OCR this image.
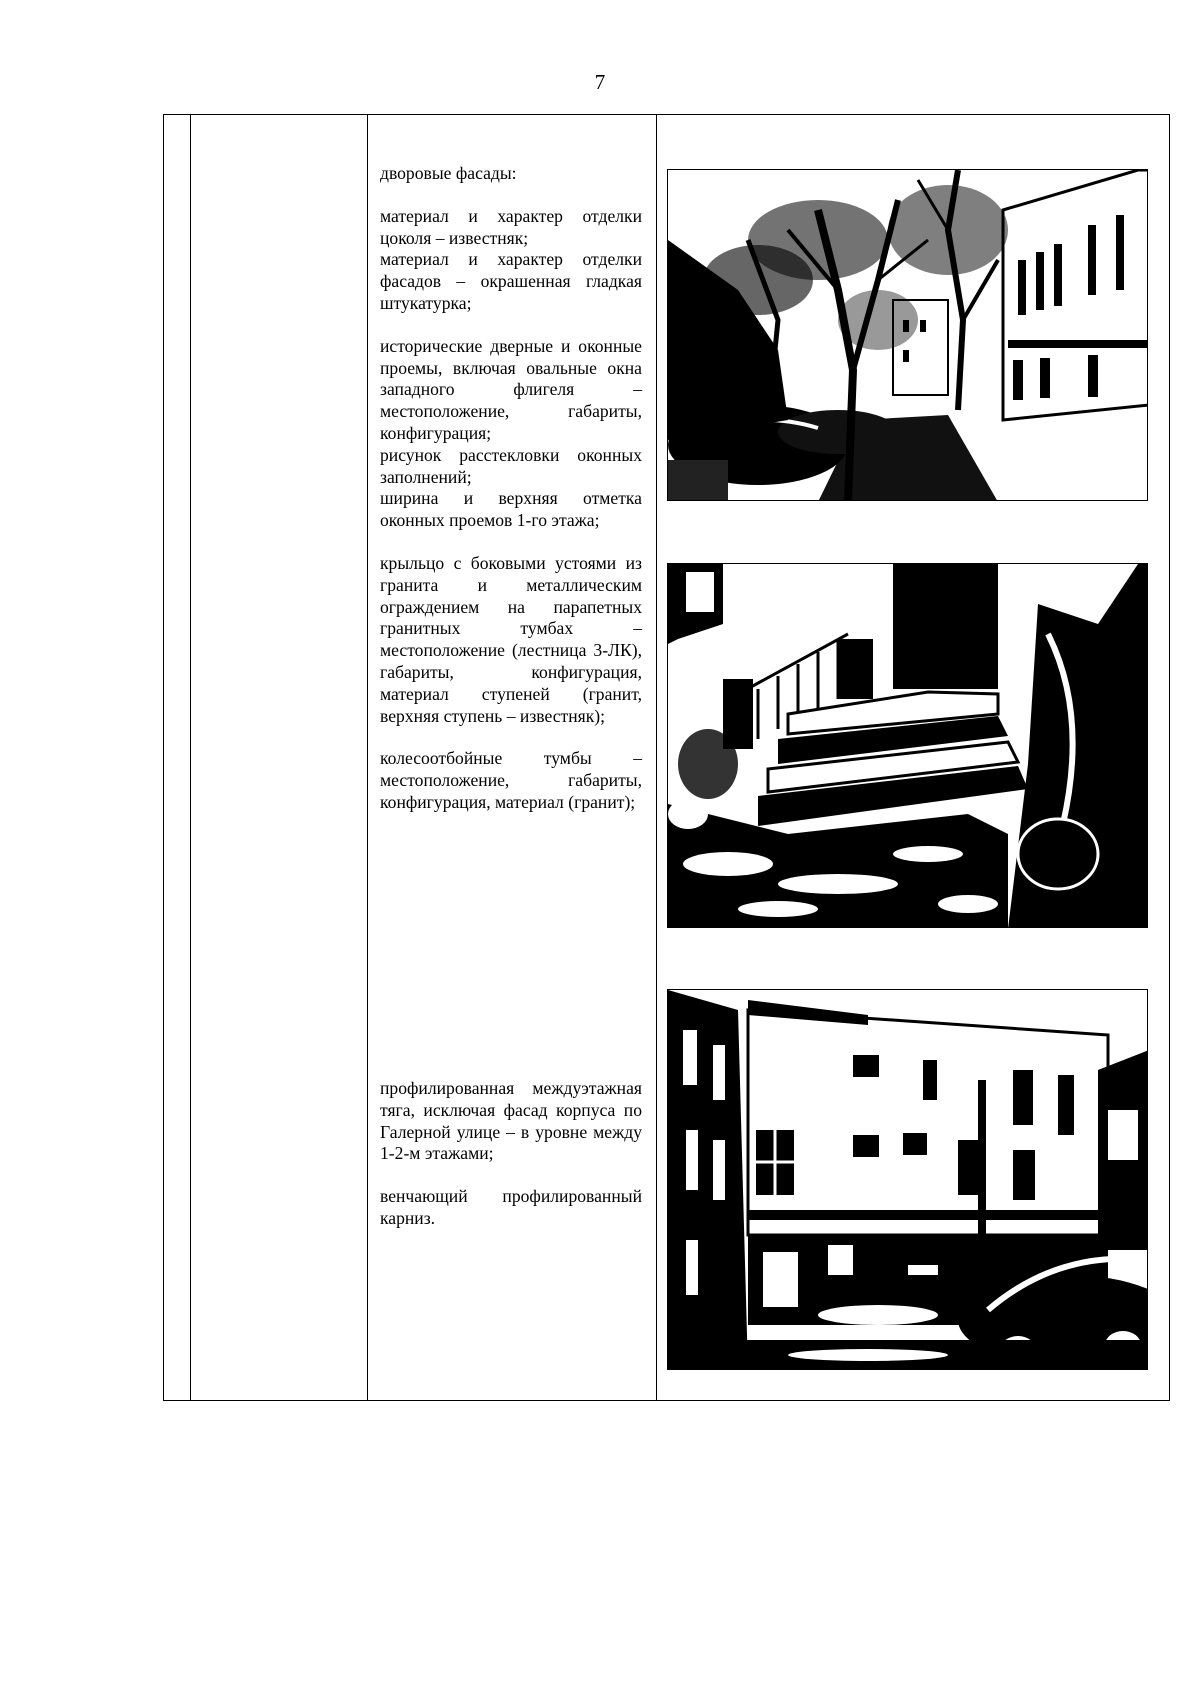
7

дворовые фасады:

материал и характер отделки цоколя – известняк;

материал и характер отделки фасадов – окрашенная гладкая штукатурка;

исторические дверные и оконные проемы, включая овальные окна западного флигеля – местоположение, габариты, конфигурация;

рисунок расстекловки оконных заполнений;

ширина и верхняя отметка оконных проемов 1-го этажа;

крыльцо с боковыми устоями из гранита и металлическим ограждением на парапетных гранитных тумбах – местоположение (лестница 3-ЛК), габариты, конфигурация, материал ступеней (гранит, верхняя ступень – известняк);

колесоотбойные тумбы – местоположение, габариты, конфигурация, материал (гранит);

профилированная междуэтажная тяга, исключая фасад корпуса по Галерной улице – в уровне между 1-2-м этажами;

венчающий профилированный карниз.
